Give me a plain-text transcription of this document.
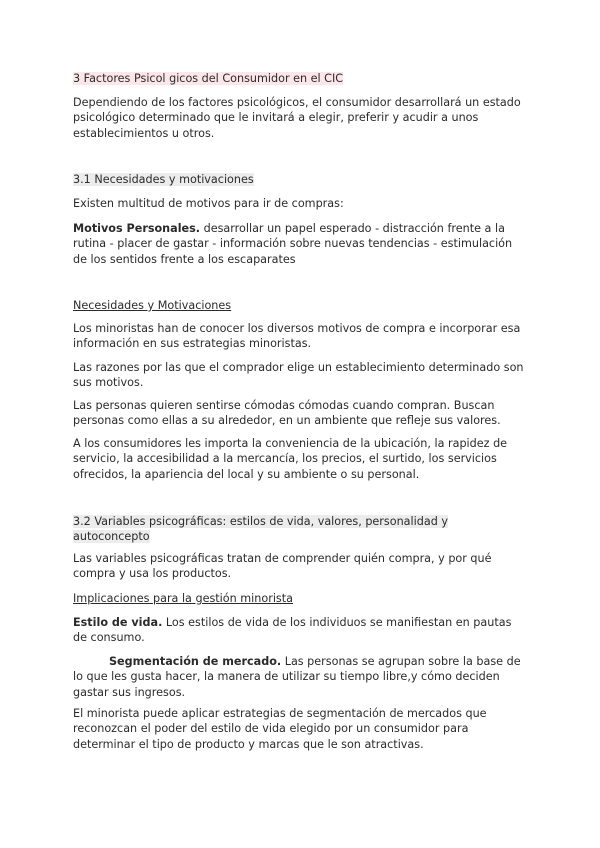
3 Factores Psicol gicos del Consumidor en el CIC

Dependiendo de los factores psicológicos, el consumidor desarrollará un estado psicológico determinado que le invitará a elegir, preferir y acudir a unos establecimientos u otros.

3.1 Necesidades y motivaciones

Existen multitud de motivos para ir de compras:

Motivos Personales. desarrollar un papel esperado - distracción frente a la rutina - placer de gastar - información sobre nuevas tendencias - estimulación de los sentidos frente a los escaparates

Necesidades y Motivaciones

Los minoristas han de conocer los diversos motivos de compra e incorporar esa información en sus estrategias minoristas.

Las razones por las que el comprador elige un establecimiento determinado son sus motivos.

Las personas quieren sentirse cómodas cómodas cuando compran. Buscan personas como ellas a su alrededor, en un ambiente que refleje sus valores.

A los consumidores les importa la conveniencia de la ubicación, la rapidez de servicio, la accesibilidad a la mercancía, los precios, el surtido, los servicios ofrecidos, la apariencia del local y su ambiente o su personal.

3.2 Variables psicográficas: estilos de vida, valores, personalidad y autoconcepto

Las variables psicográficas tratan de comprender quién compra, y por qué compra y usa los productos.

Implicaciones para la gestión minorista

Estilo de vida. Los estilos de vida de los individuos se manifiestan en pautas de consumo.

Segmentación de mercado. Las personas se agrupan sobre la base de lo que les gusta hacer, la manera de utilizar su tiempo libre,y cómo deciden gastar sus ingresos.

El minorista puede aplicar estrategias de segmentación de mercados que reconozcan el poder del estilo de vida elegido por un consumidor para determinar el tipo de producto y marcas que le son atractivas.
